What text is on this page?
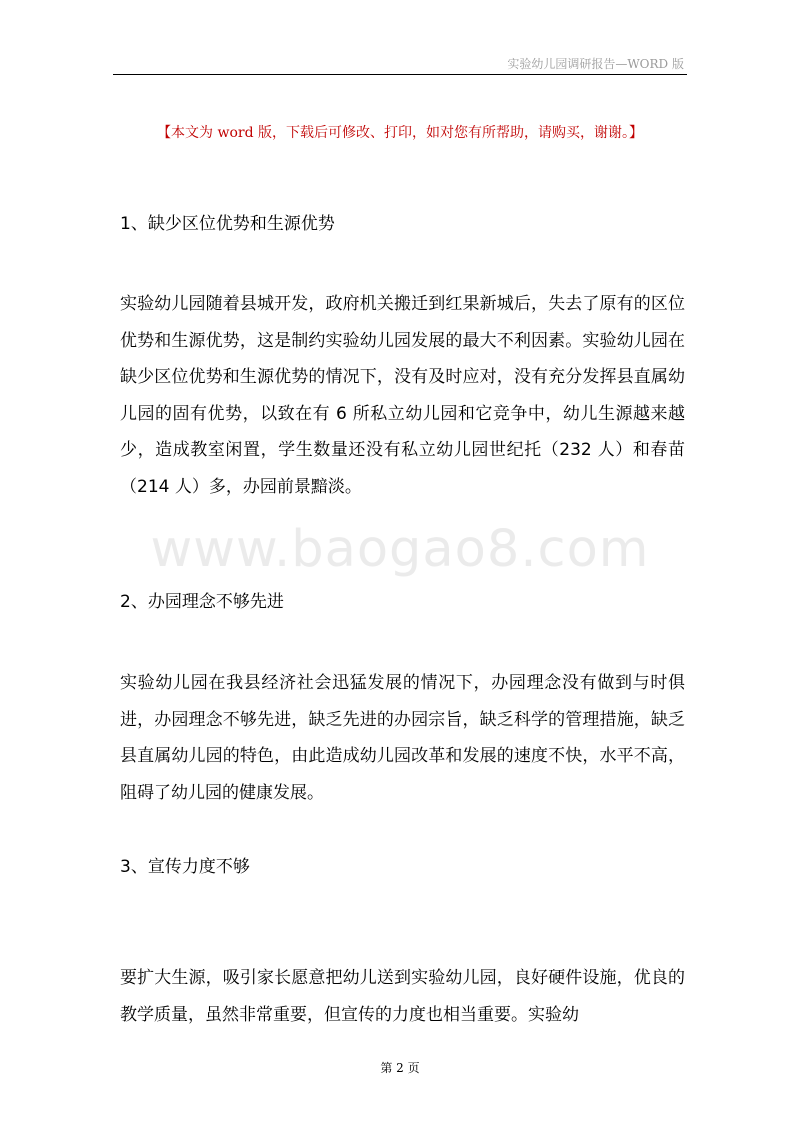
实验幼儿园调研报告—WORD 版
【本文为 word 版，下载后可修改、打印，如对您有所帮助，请购买，谢谢。】
www.baogao8.com
1、缺少区位优势和生源优势
实验幼儿园随着县城开发，政府机关搬迁到红果新城后，失去了原有的区位优势和生源优势，这是制约实验幼儿园发展的最大不利因素。实验幼儿园在缺少区位优势和生源优势的情况下，没有及时应对，没有充分发挥县直属幼儿园的固有优势，以致在有 6 所私立幼儿园和它竞争中，幼儿生源越来越少，造成教室闲置，学生数量还没有私立幼儿园世纪托（232 人）和春苗（214 人）多，办园前景黯淡。
2、办园理念不够先进
实验幼儿园在我县经济社会迅猛发展的情况下，办园理念没有做到与时俱进，办园理念不够先进，缺乏先进的办园宗旨，缺乏科学的管理措施，缺乏县直属幼儿园的特色，由此造成幼儿园改革和发展的速度不快，水平不高，阻碍了幼儿园的健康发展。
3、宣传力度不够
要扩大生源，吸引家长愿意把幼儿送到实验幼儿园，良好硬件设施，优良的教学质量，虽然非常重要，但宣传的力度也相当重要。实验幼
第 2 页
